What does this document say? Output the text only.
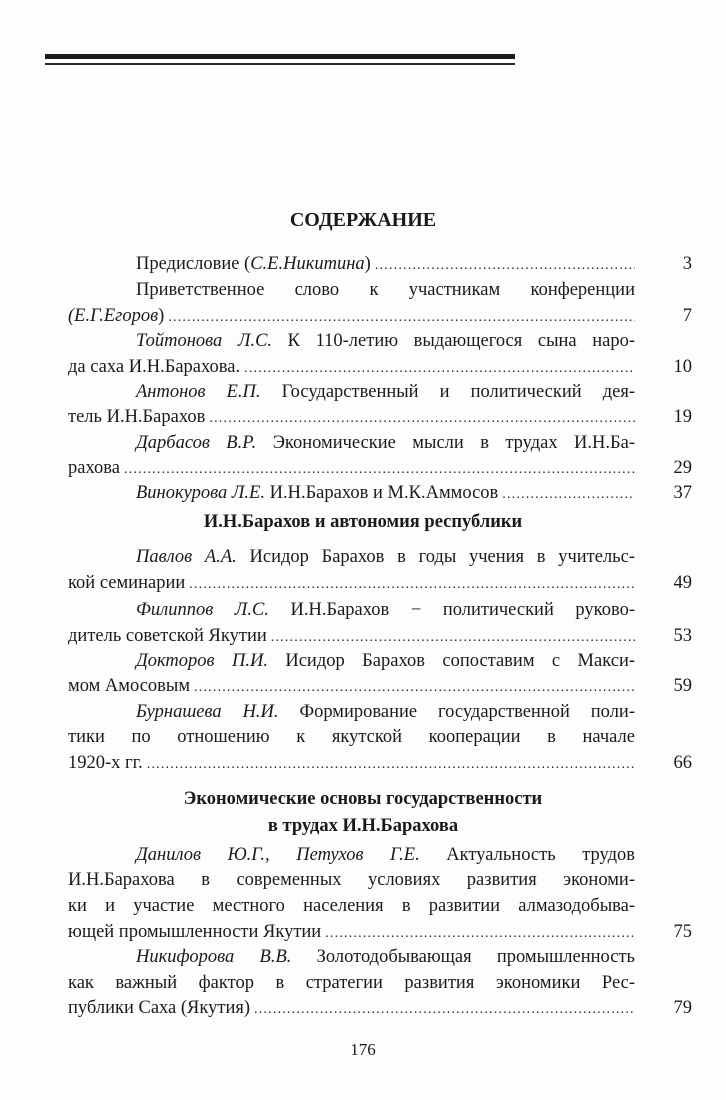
СОДЕРЖАНИЕ
Предисловие (С.Е.Никитина) .....	3
Приветственное слово к участникам конференции
(Е.Г.Егоров) .....	7
Тойтонова Л.С. К 110-летию выдающегося сына наро-
да саха И.Н.Барахова. .....	10
Антонов Е.П. Государственный и политический дея-
тель И.Н.Барахов .....	19
Дарбасов В.Р. Экономические мысли в трудах И.Н.Ба-
рахова .....	29
Винокурова Л.Е. И.Н.Барахов и М.К.Аммосов .....	37
И.Н.Барахов и автономия республики
Павлов А.А. Исидор Барахов в годы учения в учительс-
кой семинарии .....	49
Филиппов Л.С. И.Н.Барахов − политический руково-
дитель советской Якутии .....	53
Докторов П.И. Исидор Барахов сопоставим с Макси-
мом Амосовым .....	59
Бурнашева Н.И. Формирование государственной поли-
тики по отношению к якутской кооперации в начале
1920-х гг. .....	66
Экономические основы государственности
в трудах И.Н.Барахова
Данилов Ю.Г., Петухов Г.Е. Актуальность трудов
И.Н.Барахова в современных условиях развития экономи-
ки и участие местного населения в развитии алмазодобыва-
ющей промышленности Якутии .....	75
Никифорова В.В. Золотодобывающая промышленность
как важный фактор в стратегии развития экономики Рес-
публики Саха (Якутия) .....	79
176
